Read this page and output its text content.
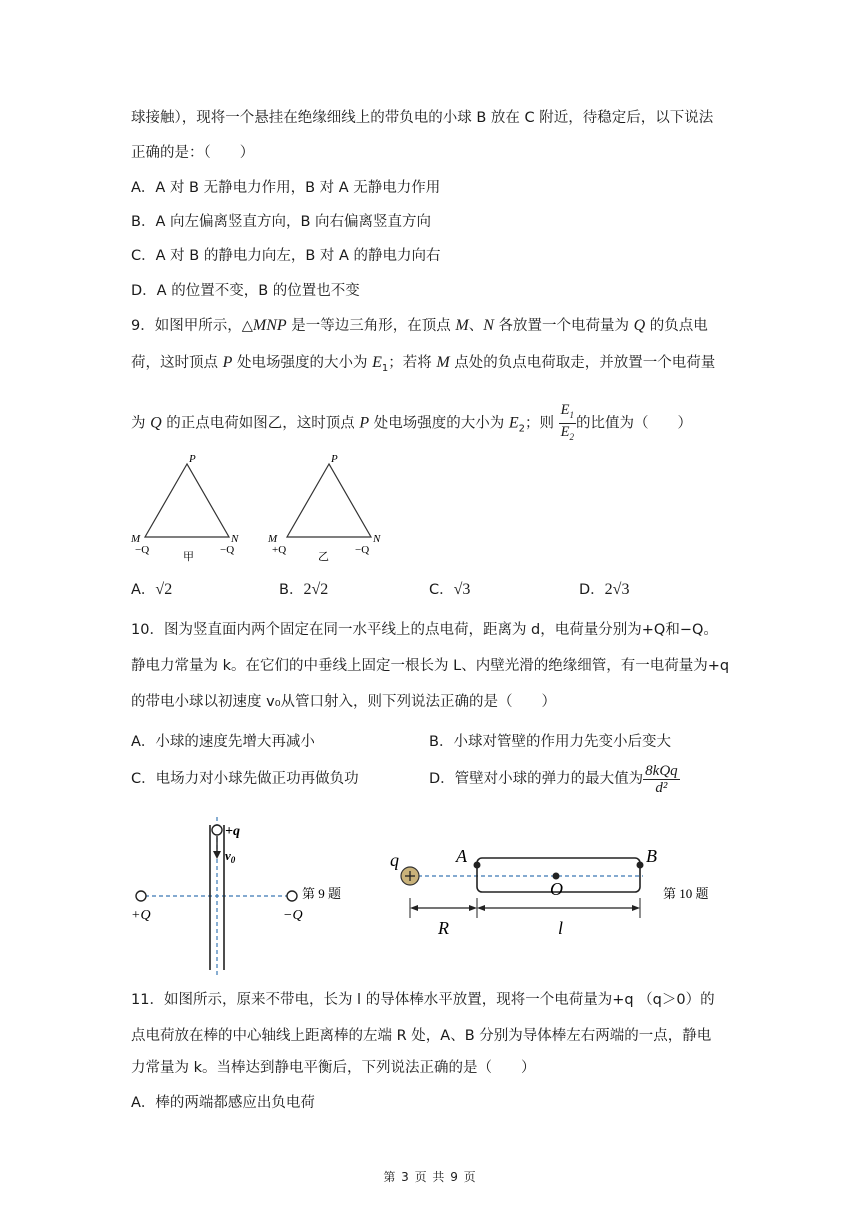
球接触），现将一个悬挂在绝缘细线上的带负电的小球 B 放在 C 附近，待稳定后，以下说法
正确的是：（　　）
A．A 对 B 无静电力作用，B 对 A 无静电力作用
B．A 向左偏离竖直方向，B 向右偏离竖直方向
C．A 对 B 的静电力向左，B 对 A 的静电力向右
D．A 的位置不变，B 的位置也不变
9．如图甲所示，△MNP 是一等边三角形，在顶点 M、N 各放置一个电荷量为 Q 的负点电
荷，这时顶点 P 处电场强度的大小为 $E_1$；若将 M 点处的负点电荷取走，并放置一个电荷量
为 Q 的正点电荷如图乙，这时顶点 P 处电场强度的大小为 $E_2$；则 $\frac{E_1}{E_2}$ 的比值为（　　）
P
M	N
−Q	−Q
甲
P
M	N
+Q	−Q
乙
A．√2	B．2√2	C．√3	D．2√3
10．图为竖直面内两个固定在同一水平线上的点电荷，距离为 d，电荷量分别为+Q和−Q。
静电力常量为 k。在它们的中垂线上固定一根长为 L、内壁光滑的绝缘细管，有一电荷量为+q
的带电小球以初速度 v₀从管口射入，则下列说法正确的是（　　）
A．小球的速度先增大再减小	B．小球对管壁的作用力先变小后变大
C．电场力对小球先做正功再做负功	D．管壁对小球的弹力的最大值为 $\frac{\text{8kQq}}{\text{d²}}$
+q
$v_0$
+Q	−Q
第 9 题
q	A	B
O
R	l
第 10 题
11．如图所示，原来不带电，长为 l 的导体棒水平放置，现将一个电荷量为+q （q＞0）的
点电荷放在棒的中心轴线上距离棒的左端 R 处，A、B 分别为导体棒左右两端的一点，静电
力常量为 k。当棒达到静电平衡后，下列说法正确的是（　　）
A．棒的两端都感应出负电荷
第 3 页 共 9 页
